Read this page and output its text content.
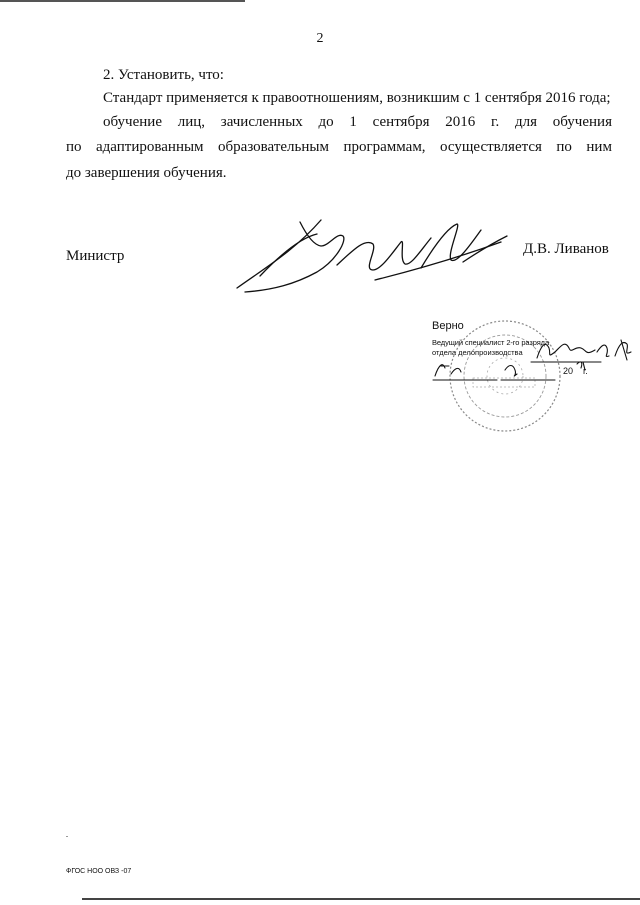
2

2. Установить, что:

Стандарт применяется к правоотношениям, возникшим с 1 сентября 2016 года;

обучение лиц, зачисленных до 1 сентября 2016 г. для обучения
по адаптированным образовательным программам, осуществляется по ним

до завершения обучения.

Министр	Д.В. Ливанов
Верно
Ведущий специалист 2-го разряда
отдела делопроизводства
20 г.
ФГОС НОО ОВЗ -07
